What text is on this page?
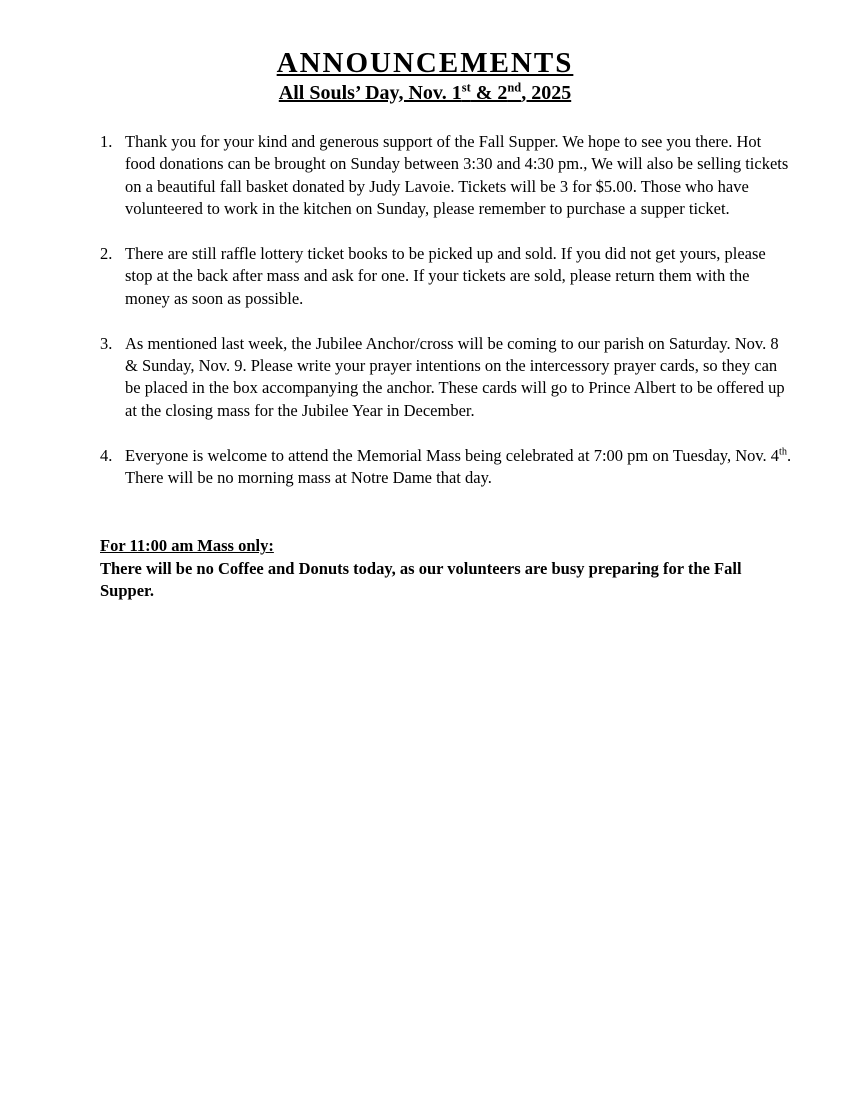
ANNOUNCEMENTS
All Souls’ Day, Nov. 1st & 2nd, 2025
1. Thank you for your kind and generous support of the Fall Supper. We hope to see you there. Hot food donations can be brought on Sunday between 3:30 and 4:30 pm., We will also be selling tickets on a beautiful fall basket donated by Judy Lavoie. Tickets will be 3 for $5.00. Those who have volunteered to work in the kitchen on Sunday, please remember to purchase a supper ticket.
2. There are still raffle lottery ticket books to be picked up and sold. If you did not get yours, please stop at the back after mass and ask for one. If your tickets are sold, please return them with the money as soon as possible.
3. As mentioned last week, the Jubilee Anchor/cross will be coming to our parish on Saturday. Nov. 8 & Sunday, Nov. 9. Please write your prayer intentions on the intercessory prayer cards, so they can be placed in the box accompanying the anchor. These cards will go to Prince Albert to be offered up at the closing mass for the Jubilee Year in December.
4. Everyone is welcome to attend the Memorial Mass being celebrated at 7:00 pm on Tuesday, Nov. 4th. There will be no morning mass at Notre Dame that day.
For 11:00 am Mass only:
There will be no Coffee and Donuts today, as our volunteers are busy preparing for the Fall Supper.
